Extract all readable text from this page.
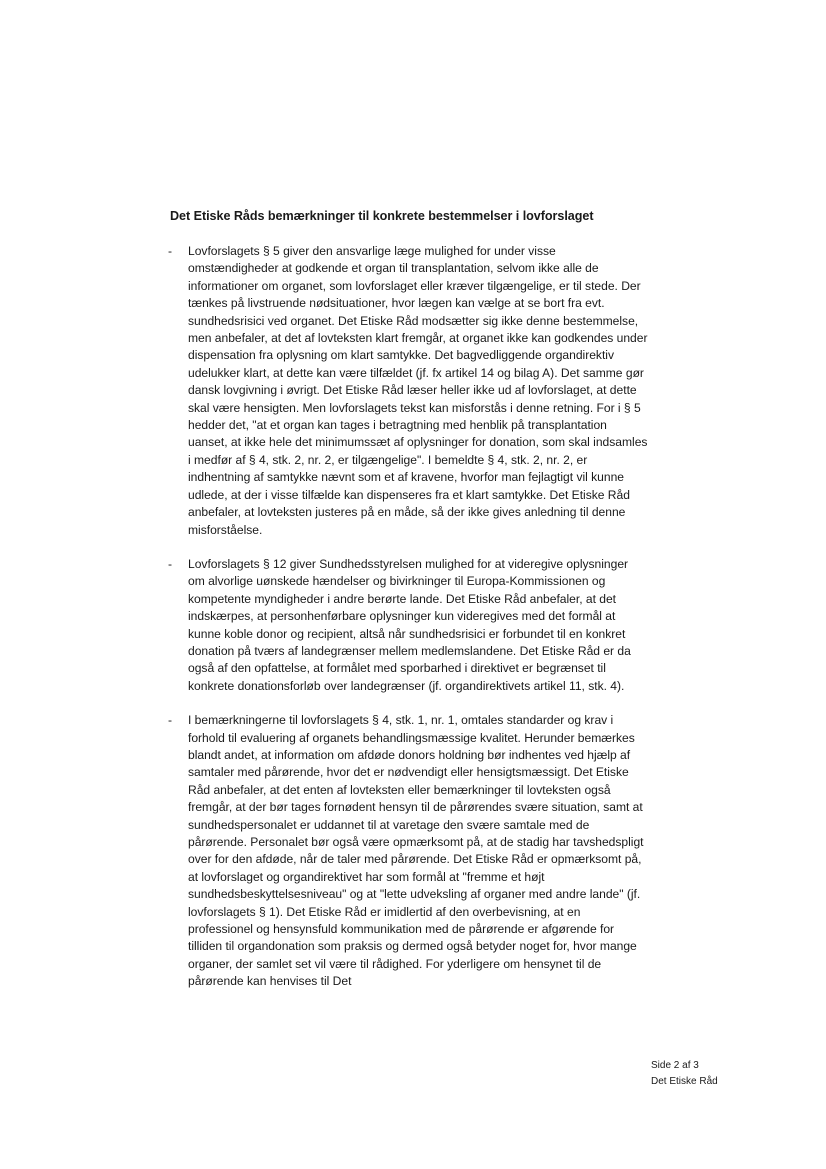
Det Etiske Råds bemærkninger til konkrete bestemmelser i lovforslaget
-	Lovforslagets § 5 giver den ansvarlige læge mulighed for under visse omstændigheder at godkende et organ til transplantation, selvom ikke alle de informationer om organet, som lovforslaget eller kræver tilgængelige, er til stede. Der tænkes på livstruende nødsituationer, hvor lægen kan vælge at se bort fra evt. sundhedsrisici ved organet. Det Etiske Råd modsætter sig ikke denne bestemmelse, men anbefaler, at det af lovteksten klart fremgår, at organet ikke kan godkendes under dispensation fra oplysning om klart samtykke. Det bagvedliggende organdirektiv udelukker klart, at dette kan være tilfældet (jf. fx artikel 14 og bilag A). Det samme gør dansk lovgivning i øvrigt. Det Etiske Råd læser heller ikke ud af lovforslaget, at dette skal være hensigten. Men lovforslagets tekst kan misforstås i denne retning. For i § 5 hedder det, "at et organ kan tages i betragtning med henblik på transplantation uanset, at ikke hele det minimumssæt af oplysninger for donation, som skal indsamles i medfør af § 4, stk. 2, nr. 2, er tilgængelige". I bemeldte § 4, stk. 2, nr. 2, er indhentning af samtykke nævnt som et af kravene, hvorfor man fejlagtigt vil kunne udlede, at der i visse tilfælde kan dispenseres fra et klart samtykke. Det Etiske Råd anbefaler, at lovteksten justeres på en måde, så der ikke gives anledning til denne misforståelse.
-	Lovforslagets § 12 giver Sundhedsstyrelsen mulighed for at videregive oplysninger om alvorlige uønskede hændelser og bivirkninger til Europa-Kommissionen og kompetente myndigheder i andre berørte lande. Det Etiske Råd anbefaler, at det indskærpes, at personhenførbare oplysninger kun videregives med det formål at kunne koble donor og recipient, altså når sundhedsrisici er forbundet til en konkret donation på tværs af landegrænser mellem medlemslandene. Det Etiske Råd er da også af den opfattelse, at formålet med sporbarhed i direktivet er begrænset til konkrete donationsforløb over landegrænser (jf. organdirektivets artikel 11, stk. 4).
-	I bemærkningerne til lovforslagets § 4, stk. 1, nr. 1, omtales standarder og krav i forhold til evaluering af organets behandlingsmæssige kvalitet. Herunder bemærkes blandt andet, at information om afdøde donors holdning bør indhentes ved hjælp af samtaler med pårørende, hvor det er nødvendigt eller hensigtsmæssigt. Det Etiske Råd anbefaler, at det enten af lovteksten eller bemærkninger til lovteksten også fremgår, at der bør tages fornødent hensyn til de pårørendes svære situation, samt at sundhedspersonalet er uddannet til at varetage den svære samtale med de pårørende. Personalet bør også være opmærksomt på, at de stadig har tavshedspligt over for den afdøde, når de taler med pårørende. Det Etiske Råd er opmærksomt på, at lovforslaget og organdirektivet har som formål at "fremme et højt sundhedsbeskyttelsesniveau" og at "lette udveksling af organer med andre lande" (jf. lovforslagets § 1). Det Etiske Råd er imidlertid af den overbevisning, at en professionel og hensynsfuld kommunikation med de pårørende er afgørende for tilliden til organdonation som praksis og dermed også betyder noget for, hvor mange organer, der samlet set vil være til rådighed. For yderligere om hensynet til de pårørende kan henvises til Det
Side 2 af 3
Det Etiske Råd
